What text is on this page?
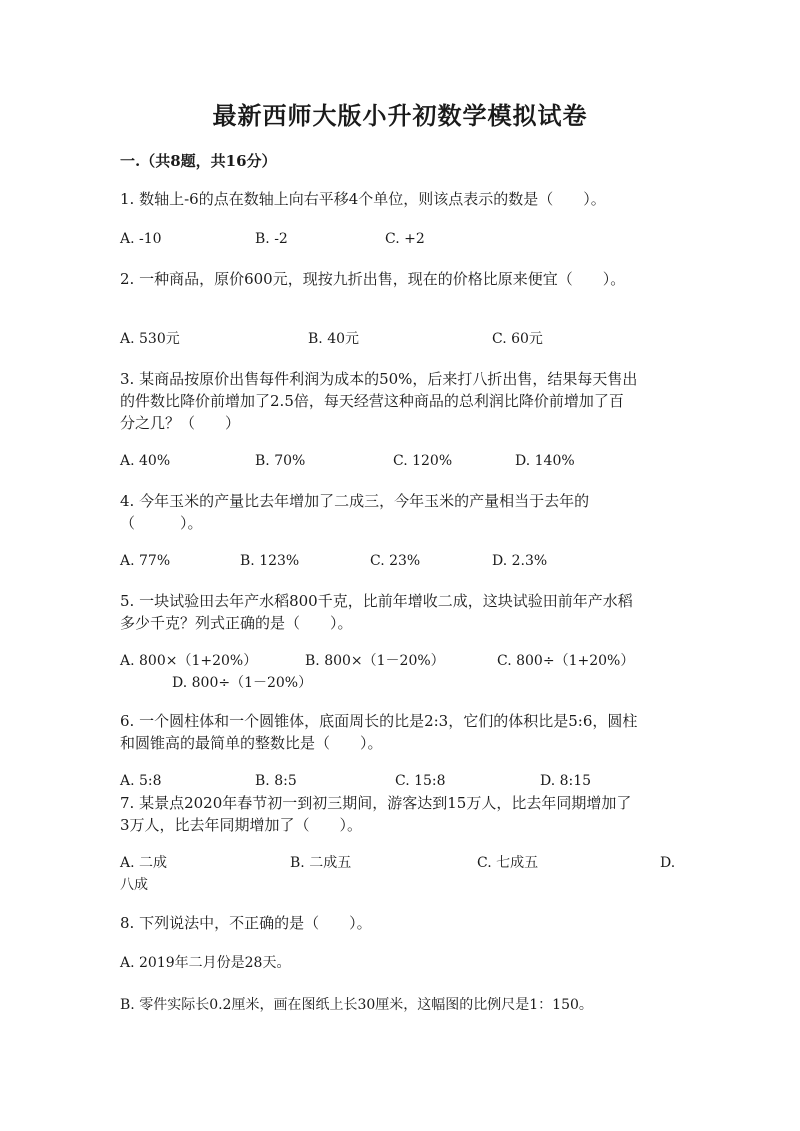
最新西师大版小升初数学模拟试卷
一.（共8题，共16分）
1. 数轴上-6的点在数轴上向右平移4个单位，则该点表示的数是（　　）。
A. -10	B. -2	C. +2
2. 一种商品，原价600元，现按九折出售，现在的价格比原来便宜（　　）。
A. 530元	B. 40元	C. 60元
3. 某商品按原价出售每件利润为成本的50%，后来打八折出售，结果每天售出
的件数比降价前增加了2.5倍，每天经营这种商品的总利润比降价前增加了百
分之几？（　　）
A. 40%	B. 70%	C. 120%	D. 140%
4. 今年玉米的产量比去年增加了二成三，今年玉米的产量相当于去年的
（　　　）。
A. 77%	B. 123%	C. 23%	D. 2.3%
5. 一块试验田去年产水稻800千克，比前年增收二成，这块试验田前年产水稻
多少千克？列式正确的是（　　）。
A. 800×（1+20%）	B. 800×（1－20%）	C. 800÷（1+20%）
D. 800÷（1－20%）
6. 一个圆柱体和一个圆锥体，底面周长的比是2:3，它们的体积比是5:6，圆柱
和圆锥高的最简单的整数比是（　　）。
A. 5:8	B. 8:5	C. 15:8	D. 8:15
7. 某景点2020年春节初一到初三期间，游客达到15万人，比去年同期增加了
3万人，比去年同期增加了（　　）。
A. 二成	B. 二成五	C. 七成五	D.
八成
8. 下列说法中，不正确的是（　　）。
A. 2019年二月份是28天。
B. 零件实际长0.2厘米，画在图纸上长30厘米，这幅图的比例尺是1：150。
